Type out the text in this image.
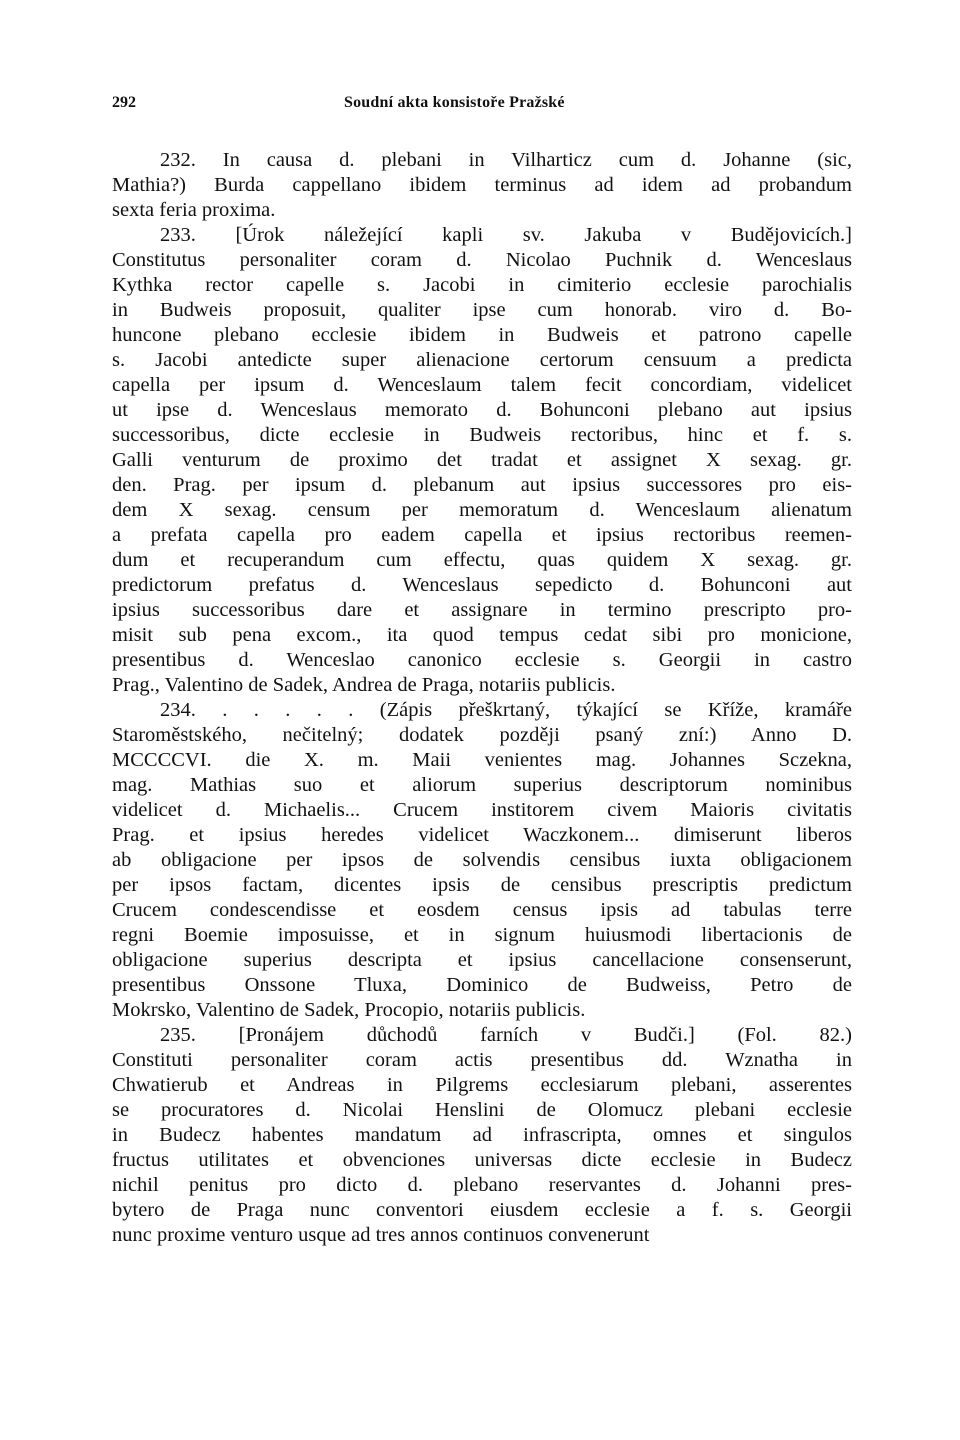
292	Soudní akta konsistoře Pražské
232. In causa d. plebani in Vilharticz cum d. Johanne (sic,
Mathia?) Burda cappellano ibidem terminus ad idem ad probandum
sexta feria proxima.
233. [Úrok náležející kapli sv. Jakuba v Budějovicích.]
Constitutus personaliter coram d. Nicolao Puchnik d. Wenceslaus
Kythka rector capelle s. Jacobi in cimiterio ecclesie parochialis
in Budweis proposuit, qualiter ipse cum honorab. viro d. Bo-
huncone plebano ecclesie ibidem in Budweis et patrono capelle
s. Jacobi antedicte super alienacione certorum censuum a predicta
capella per ipsum d. Wenceslaum talem fecit concordiam, videlicet
ut ipse d. Wenceslaus memorato d. Bohunconi plebano aut ipsius
successoribus, dicte ecclesie in Budweis rectoribus, hinc et f. s.
Galli venturum de proximo det tradat et assignet X sexag. gr.
den. Prag. per ipsum d. plebanum aut ipsius successores pro eis-
dem X sexag. censum per memoratum d. Wenceslaum alienatum
a prefata capella pro eadem capella et ipsius rectoribus reemen-
dum et recuperandum cum effectu, quas quidem X sexag. gr.
predictorum prefatus d. Wenceslaus sepedicto d. Bohunconi aut
ipsius successoribus dare et assignare in termino prescripto pro-
misit sub pena excom., ita quod tempus cedat sibi pro monicione,
presentibus d. Wenceslao canonico ecclesie s. Georgii in castro
Prag., Valentino de Sadek, Andrea de Praga, notariis publicis.
234. . . . . . (Zápis přeškrtaný, týkající se Kříže, kramáře
Staroměstského, nečitelný; dodatek později psaný zní:) Anno D.
MCCCCVI. die X. m. Maii venientes mag. Johannes Sczekna,
mag. Mathias suo et aliorum superius descriptorum nominibus
videlicet d. Michaelis... Crucem institorem civem Maioris civitatis
Prag. et ipsius heredes videlicet Waczkonem... dimiserunt liberos
ab obligacione per ipsos de solvendis censibus iuxta obligacionem
per ipsos factam, dicentes ipsis de censibus prescriptis predictum
Crucem condescendisse et eosdem census ipsis ad tabulas terre
regni Boemie imposuisse, et in signum huiusmodi libertacionis de
obligacione superius descripta et ipsius cancellacione consenserunt,
presentibus Onssone Tluxa, Dominico de Budweiss, Petro de
Mokrsko, Valentino de Sadek, Procopio, notariis publicis.
235. [Pronájem důchodů farních v Budči.] (Fol. 82.)
Constituti personaliter coram actis presentibus dd. Wznatha in
Chwatierub et Andreas in Pilgrems ecclesiarum plebani, asserentes
se procuratores d. Nicolai Henslini de Olomucz plebani ecclesie
in Budecz habentes mandatum ad infrascripta, omnes et singulos
fructus utilitates et obvenciones universas dicte ecclesie in Budecz
nichil penitus pro dicto d. plebano reservantes d. Johanni pres-
bytero de Praga nunc conventori eiusdem ecclesie a f. s. Georgii
nunc proxime venturo usque ad tres annos continuos convenerunt
